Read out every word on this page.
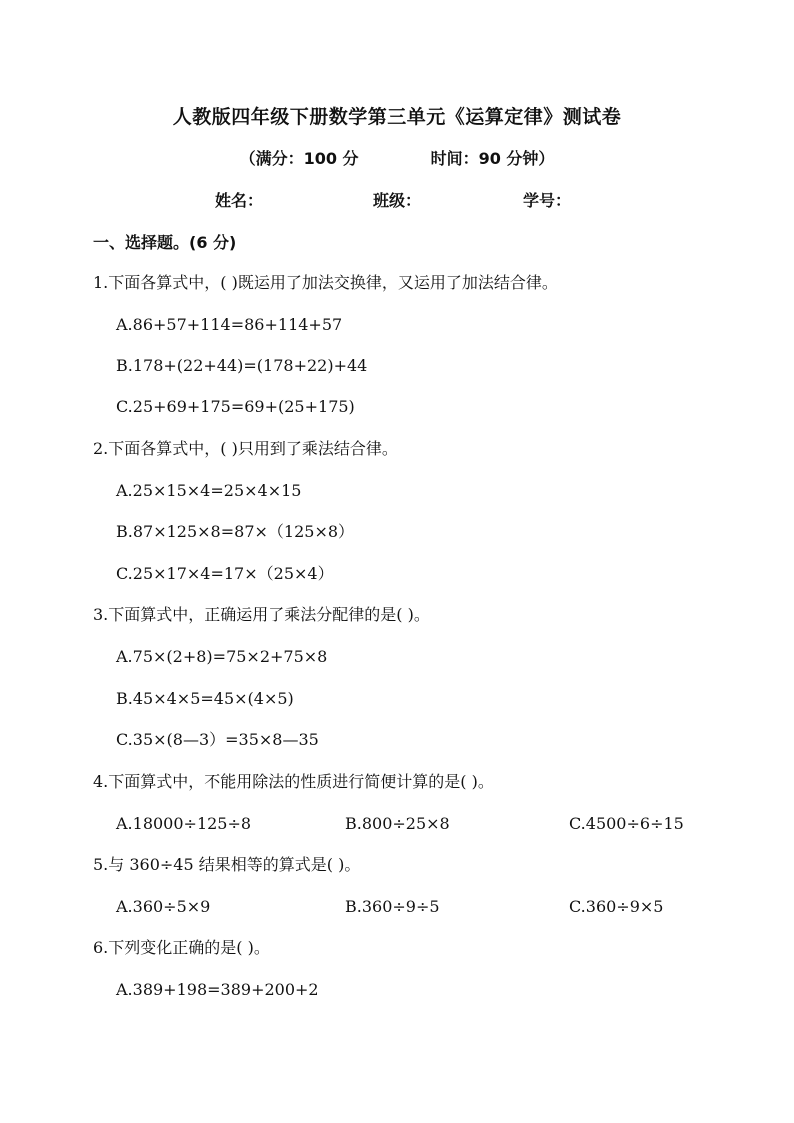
人教版四年级下册数学第三单元《运算定律》测试卷
（满分：100 分	时间：90 分钟）
姓名：	班级：	学号：
一、选择题。(6 分)
1.下面各算式中，( )既运用了加法交换律，又运用了加法结合律。
A.86+57+114=86+114+57
B.178+(22+44)=(178+22)+44
C.25+69+175=69+(25+175)
2.下面各算式中，( )只用到了乘法结合律。
A.25×15×4=25×4×15
B.87×125×8=87×（125×8）
C.25×17×4=17×（25×4）
3.下面算式中，正确运用了乘法分配律的是( )。
A.75×(2+8)=75×2+75×8
B.45×4×5=45×(4×5)
C.35×(8—3）=35×8—35
4.下面算式中，不能用除法的性质进行简便计算的是( )。
A.18000÷125÷8	B.800÷25×8	C.4500÷6÷15
5.与 360÷45 结果相等的算式是( )。
A.360÷5×9	B.360÷9÷5	C.360÷9×5
6.下列变化正确的是( )。
A.389+198=389+200+2
